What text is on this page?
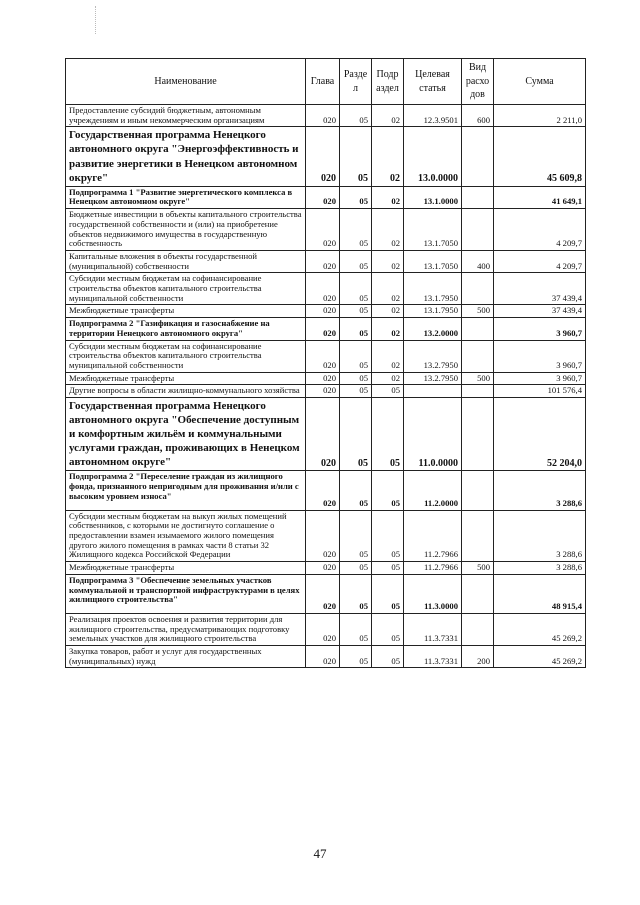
Наименование	Глава	Разде л	Подр аздел	Целевая статья	Вид расхо дов	Сумма
Предоставление субсидий бюджетным, автономным учреждениям и иным некоммерческим организациям	020	05	02	12.3.9501	600	2 211,0
Государственная программа Ненецкого автономного округа "Энергоэффективность и развитие энергетики в Ненецком автономном округе"	020	05	02	13.0.0000		45 609,8
Подпрограмма 1 "Развитие энергетического комплекса в Ненецком автономном округе"	020	05	02	13.1.0000		41 649,1
Бюджетные инвестиции в объекты капитального строительства государственной собственности и (или) на приобретение объектов недвижимого имущества в государственную собственность	020	05	02	13.1.7050		4 209,7
Капитальные вложения в объекты государственной (муниципальной) собственности	020	05	02	13.1.7050	400	4 209,7
Субсидии местным бюджетам на софинансирование строительства объектов капитального строительства муниципальной собственности	020	05	02	13.1.7950		37 439,4
Межбюджетные трансферты	020	05	02	13.1.7950	500	37 439,4
Подпрограмма 2 "Газификация и газоснабжение на территории Ненецкого автономного округа"	020	05	02	13.2.0000		3 960,7
Субсидии местным бюджетам на софинансирование строительства объектов капитального строительства муниципальной собственности	020	05	02	13.2.7950		3 960,7
Межбюджетные трансферты	020	05	02	13.2.7950	500	3 960,7
Другие вопросы в области жилищно-коммунального хозяйства	020	05	05			101 576,4
Государственная программа Ненецкого автономного округа "Обеспечение доступным и комфортным жильём и коммунальными услугами граждан, проживающих в Ненецком автономном округе"	020	05	05	11.0.0000		52 204,0
Подпрограмма 2 "Переселение граждан из жилищного фонда, признанного непригодным для проживания и/или с высоким уровнем износа"	020	05	05	11.2.0000		3 288,6
Субсидии местным бюджетам на выкуп жилых помещений собственников, с которыми не достигнуто соглашение о предоставлении взамен изымаемого жилого помещения другого жилого помещения в рамках части 8 статьи 32 Жилищного кодекса Российской Федерации	020	05	05	11.2.7966		3 288,6
Межбюджетные трансферты	020	05	05	11.2.7966	500	3 288,6
Подпрограмма 3 "Обеспечение земельных участков коммунальной и транспортной инфраструктурами в целях жилищного строительства"	020	05	05	11.3.0000		48 915,4
Реализация проектов освоения и развития территории для жилищного строительства, предусматривающих подготовку земельных участков для жилищного строительства	020	05	05	11.3.7331		45 269,2
Закупка товаров, работ и услуг для государственных (муниципальных) нужд	020	05	05	11.3.7331	200	45 269,2
47
